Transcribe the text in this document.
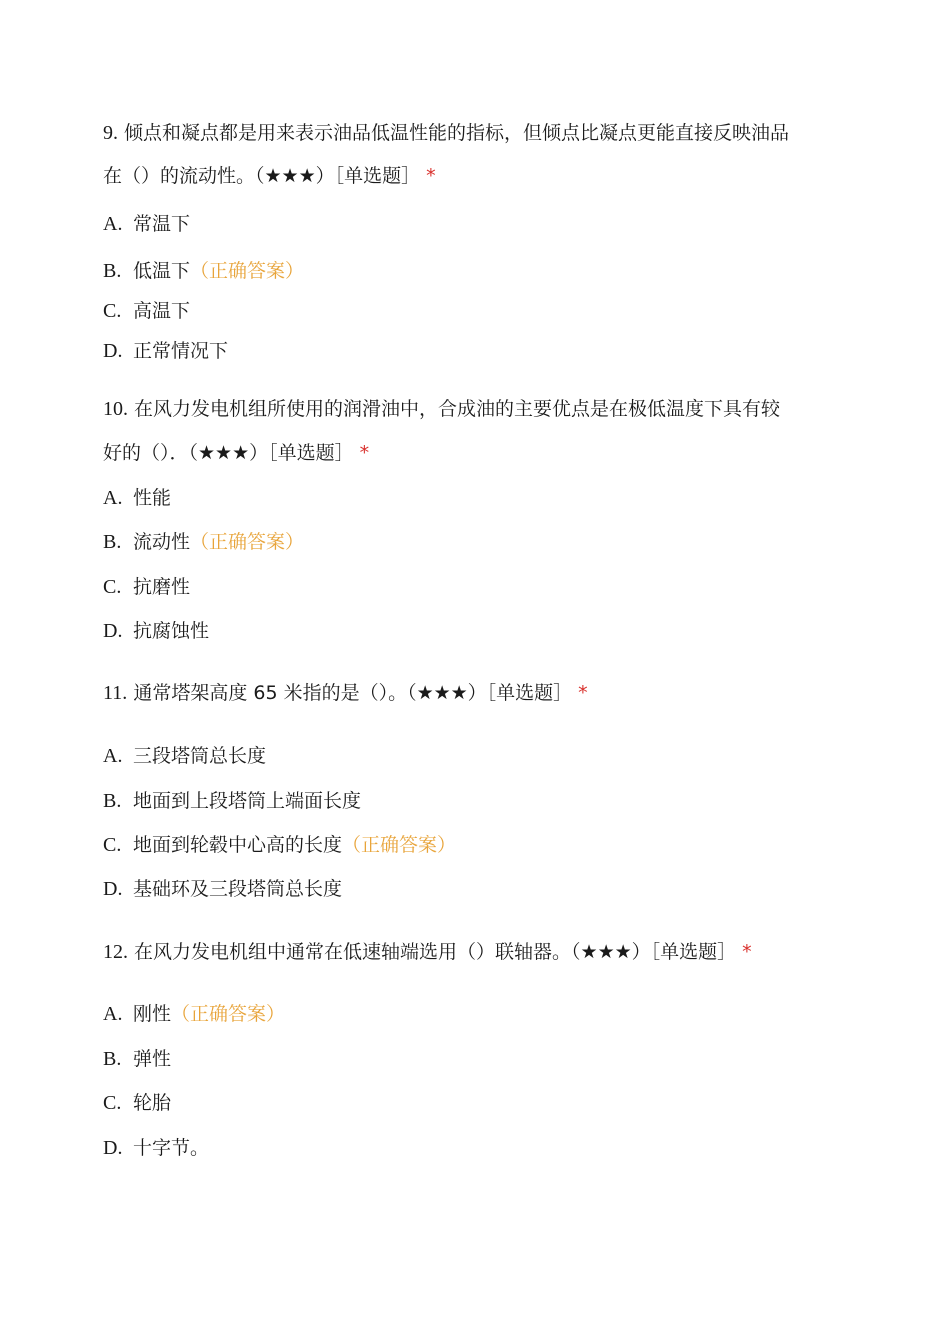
9. 倾点和凝点都是用来表示油品低温性能的指标，但倾点比凝点更能直接反映油品
在（）的流动性。（★★★）［单选题］ *
A. 常温下
B. 低温下（正确答案）
C. 高温下
D. 正常情况下
10. 在风力发电机组所使用的润滑油中，合成油的主要优点是在极低温度下具有较
好的（）．（★★★）［单选题］ *
A. 性能
B. 流动性（正确答案）
C. 抗磨性
D. 抗腐蚀性
11. 通常塔架高度 65 米指的是（）。（★★★）［单选题］ *
A. 三段塔筒总长度
B. 地面到上段塔筒上端面长度
C. 地面到轮毂中心高的长度（正确答案）
D. 基础环及三段塔筒总长度
12. 在风力发电机组中通常在低速轴端选用（）联轴器。（★★★）［单选题］ *
A. 刚性（正确答案）
B. 弹性
C. 轮胎
D. 十字节。
